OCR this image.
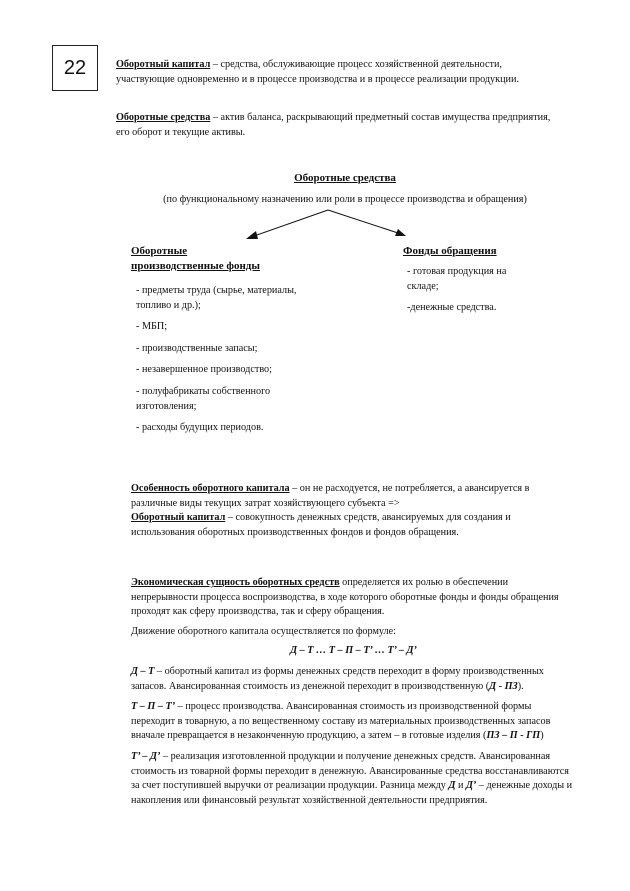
22	Оборотный капитал – средства, обслуживающие процесс хозяйственной деятельности, участвующие одновременно и в процессе производства и в процессе реализации продукции.

Оборотные средства – актив баланса, раскрывающий предметный состав имущества предприятия, его оборот и текущие активы.

Оборотные средства
(по функциональному назначению или роли в процессе производства и обращения)
Оборотные
производственные фонды
Фонды обращения

- предметы труда (сырье, материалы, топливо и др.);

- МБП;

- производственные запасы;

- незавершенное производство;

- полуфабрикаты собственного изготовления;

- расходы будущих периодов.

- готовая продукция на складе;

-денежные средства.

Особенность оборотного капитала – он не расходуется, не потребляется, а авансируется в различные виды текущих затрат хозяйствующего субъекта =>

Оборотный капитал – совокупность денежных средств, авансируемых для создания и использования оборотных производственных фондов и фондов обращения.

Экономическая сущность оборотных средств определяется их ролью в обеспечении непрерывности процесса воспроизводства, в ходе которого оборотные фонды и фонды обращения проходят как сферу производства, так и сферу обращения.

Движение оборотного капитала осуществляется по формуле:

Д – Т … Т – П – Т’ … Т’ – Д’

Д – Т – оборотный капитал из формы денежных средств переходит в форму производственных запасов. Авансированная стоимость из денежной переходит в производственную (Д - ПЗ).

Т – П – Т’ – процесс производства. Авансированная стоимость из производственной формы переходит в товарную, а по вещественному составу из материальных производственных запасов вначале превращается в незаконченную продукцию, а затем – в готовые изделия (ПЗ – П - ГП)

Т’ – Д’ – реализация изготовленной продукции и получение денежных средств. Авансированная стоимость из товарной формы переходит в денежную. Авансированные средства восстанавливаются за счет поступившей выручки от реализации продукции. Разница между Д и Д’ – денежные доходы и накопления или финансовый результат хозяйственной деятельности предприятия.
